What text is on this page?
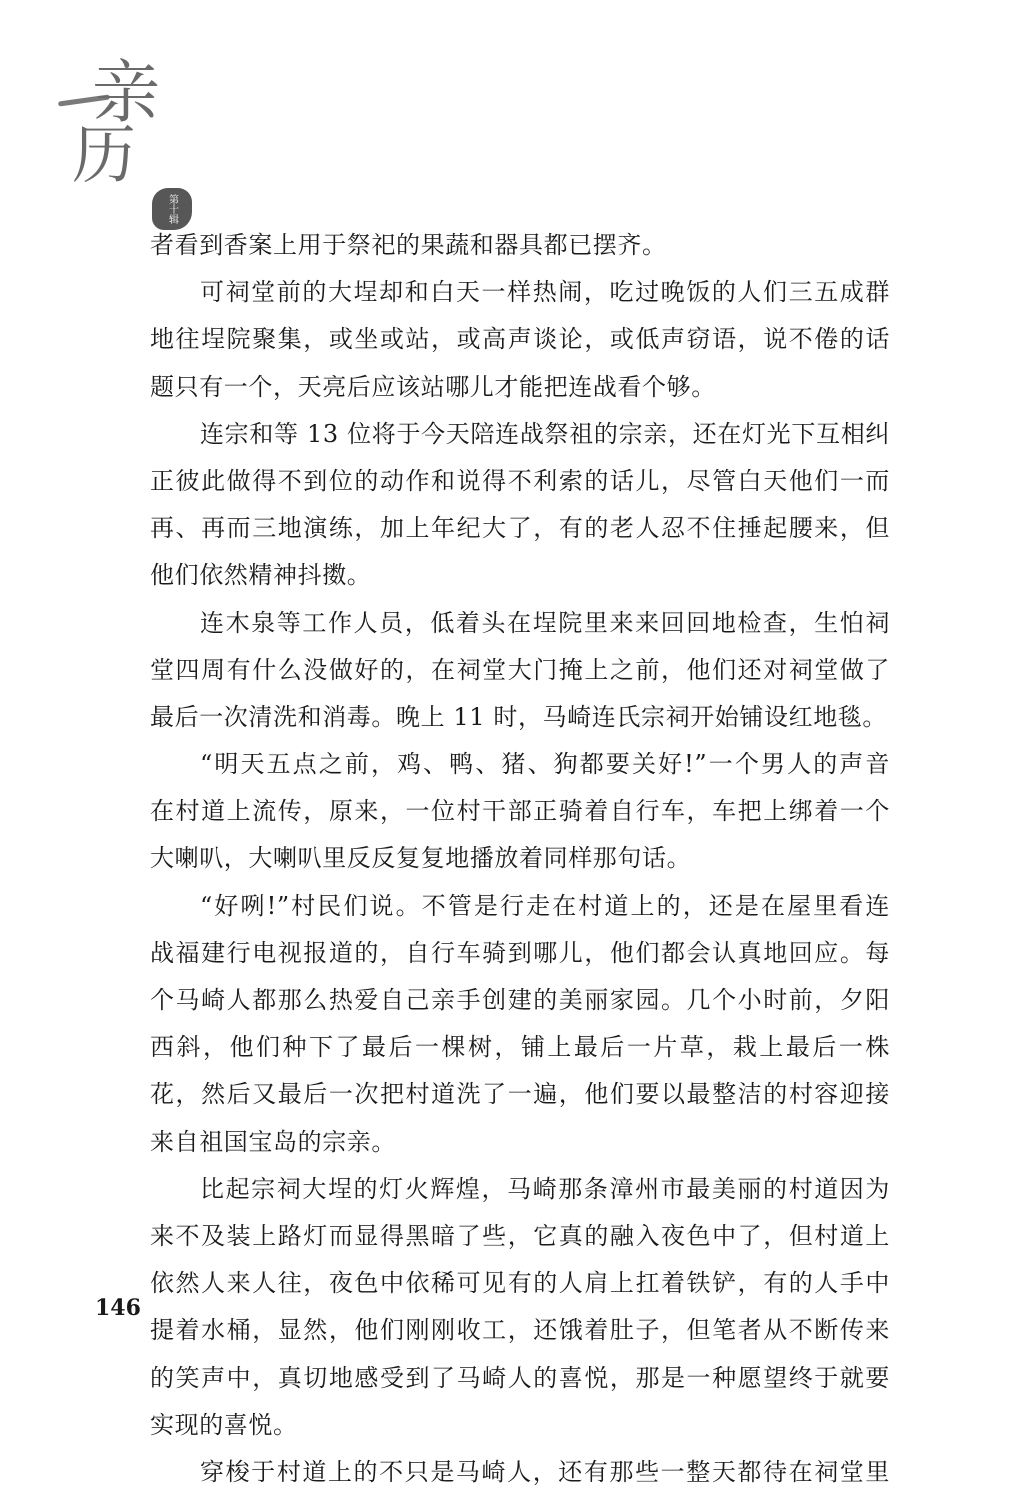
亲
历
第十辑
者看到香案上用于祭祀的果蔬和器具都已摆齐。
可祠堂前的大埕却和白天一样热闹，吃过晚饭的人们三五成群
地往埕院聚集，或坐或站，或高声谈论，或低声窃语，说不倦的话
题只有一个，天亮后应该站哪儿才能把连战看个够。
连宗和等 13 位将于今天陪连战祭祖的宗亲，还在灯光下互相纠
正彼此做得不到位的动作和说得不利索的话儿，尽管白天他们一而
再、再而三地演练，加上年纪大了，有的老人忍不住捶起腰来，但
他们依然精神抖擞。
连木泉等工作人员，低着头在埕院里来来回回地检查，生怕祠
堂四周有什么没做好的，在祠堂大门掩上之前，他们还对祠堂做了
最后一次清洗和消毒。晚上 11 时，马崎连氏宗祠开始铺设红地毯。
“明天五点之前，鸡、鸭、猪、狗都要关好!”一个男人的声音
在村道上流传，原来，一位村干部正骑着自行车，车把上绑着一个
大喇叭，大喇叭里反反复复地播放着同样那句话。
“好咧!”村民们说。不管是行走在村道上的，还是在屋里看连
战福建行电视报道的，自行车骑到哪儿，他们都会认真地回应。每
个马崎人都那么热爱自己亲手创建的美丽家园。几个小时前，夕阳
西斜，他们种下了最后一棵树，铺上最后一片草，栽上最后一株
花，然后又最后一次把村道洗了一遍，他们要以最整洁的村容迎接
来自祖国宝岛的宗亲。
比起宗祠大埕的灯火辉煌，马崎那条漳州市最美丽的村道因为
来不及装上路灯而显得黑暗了些，它真的融入夜色中了，但村道上
依然人来人往，夜色中依稀可见有的人肩上扛着铁铲，有的人手中
提着水桶，显然，他们刚刚收工，还饿着肚子，但笔者从不断传来
的笑声中，真切地感受到了马崎人的喜悦，那是一种愿望终于就要
实现的喜悦。
穿梭于村道上的不只是马崎人，还有那些一整天都待在祠堂里
146
